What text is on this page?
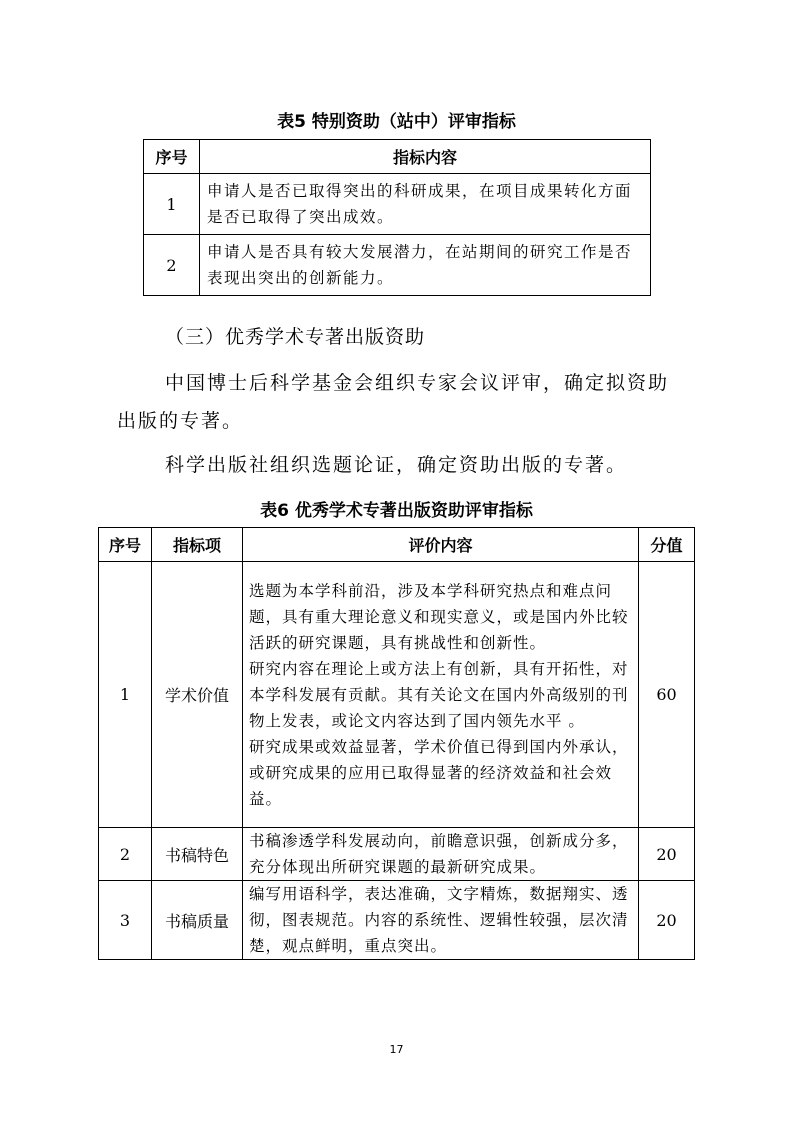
表5 特别资助（站中）评审指标
序号	指标内容
1	申请人是否已取得突出的科研成果，在项目成果转化方面是否已取得了突出成效。
2	申请人是否具有较大发展潜力，在站期间的研究工作是否表现出突出的创新能力。
（三）优秀学术专著出版资助
中国博士后科学基金会组织专家会议评审，确定拟资助出版的专著。
科学出版社组织选题论证，确定资助出版的专著。
表6 优秀学术专著出版资助评审指标
序号	指标项	评价内容	分值
1	学术价值	选题为本学科前沿，涉及本学科研究热点和难点问题，具有重大理论意义和现实意义，或是国内外比较活跃的研究课题，具有挑战性和创新性。
研究内容在理论上或方法上有创新，具有开拓性，对本学科发展有贡献。其有关论文在国内外高级别的刊物上发表，或论文内容达到了国内领先水平 。
研究成果或效益显著，学术价值已得到国内外承认，或研究成果的应用已取得显著的经济效益和社会效益。	60
2	书稿特色	书稿渗透学科发展动向，前瞻意识强，创新成分多，充分体现出所研究课题的最新研究成果。	20
3	书稿质量	编写用语科学，表达准确，文字精炼，数据翔实、透彻，图表规范。内容的系统性、逻辑性较强，层次清楚，观点鲜明，重点突出。	20
17
